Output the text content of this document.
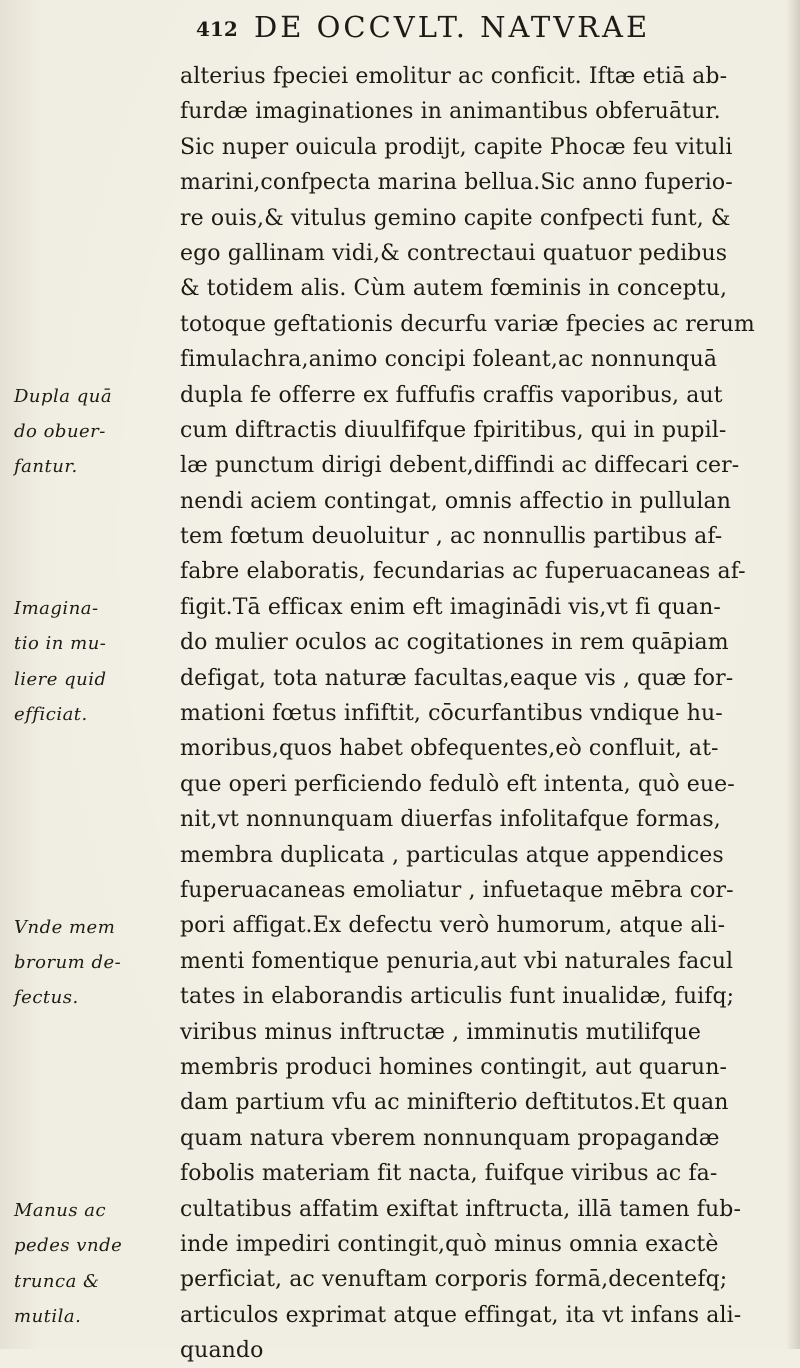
412 DE OCCVLT. NATVRAE
alterius fpeciei emolitur ac conficit. Iftæ etiā ab-
furdæ imaginationes in animantibus obferuātur.
Sic nuper ouicula prodijt, capite Phocæ feu vituli
marini,confpecta marina bellua.Sic anno fuperio-
re ouis,& vitulus gemino capite confpecti funt, &
ego gallinam vidi,& contrectaui quatuor pedibus
& totidem alis. Cùm autem fœminis in conceptu,
totoque geftationis decurfu variæ fpecies ac rerum
fimulachra,animo concipi foleant,ac nonnunquā
dupla fe offerre ex fuffufis craffis vaporibus, aut
cum diftractis diuulfifque fpiritibus, qui in pupil-
læ punctum dirigi debent,diffindi ac diffecari cer-
nendi aciem contingat, omnis affectio in pullulan
tem fœtum deuoluitur , ac nonnullis partibus af-
fabre elaboratis, fecundarias ac fuperuacaneas af-
figit.Tā efficax enim eft imaginādi vis,vt fi quan-
do mulier oculos ac cogitationes in rem quāpiam
defigat, tota naturæ facultas,eaque vis , quæ for-
mationi fœtus infiftit, cōcurfantibus vndique hu-
moribus,quos habet obfequentes,eò confluit, at-
que operi perficiendo fedulò eft intenta, quò eue-
nit,vt nonnunquam diuerfas infolitafque formas,
membra duplicata , particulas atque appendices
fuperuacaneas emoliatur , infuetaque mēbra cor-
pori affigat.Ex defectu verò humorum, atque ali-
menti fomentique penuria,aut vbi naturales facul
tates in elaborandis articulis funt inualidæ, fuifq;
viribus minus inftructæ , imminutis mutilifque
membris produci homines contingit, aut quarun-
dam partium vfu ac minifterio deftitutos.Et quan
quam natura vberem nonnunquam propagandæ
fobolis materiam fit nacta, fuifque viribus ac fa-
cultatibus affatim exiftat inftructa, illā tamen fub-
inde impediri contingit,quò minus omnia exactè
perficiat, ac venuftam corporis formā,decentefq;
articulos exprimat atque effingat, ita vt infans ali-
quando
Dupla quā
do obuer-
fantur.
Imagina-
tio in mu-
liere quid
efficiat.
Vnde mem
brorum de-
fectus.
Manus ac
pedes vnde
trunca &
mutila.
